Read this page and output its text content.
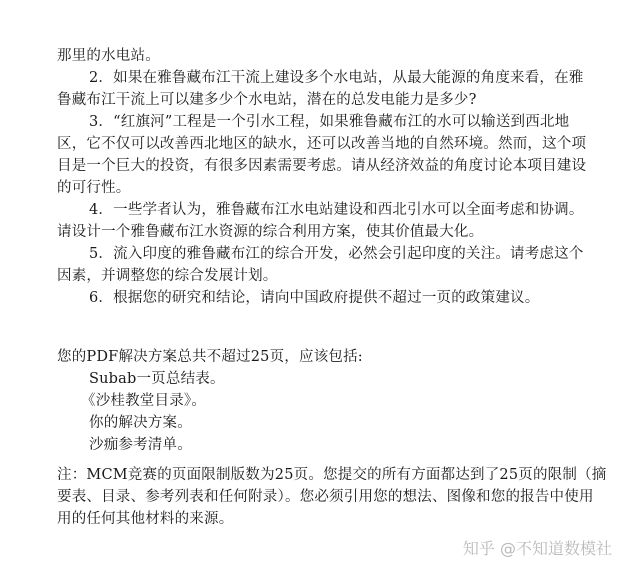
那里的水电站。
2．如果在雅鲁藏布江干流上建设多个水电站，从最大能源的角度来看，在雅
鲁藏布江干流上可以建多少个水电站，潜在的总发电能力是多少?
3．“红旗河”工程是一个引水工程，如果雅鲁藏布江的水可以输送到西北地
区，它不仅可以改善西北地区的缺水，还可以改善当地的自然环境。然而，这个项
目是一个巨大的投资，有很多因素需要考虑。请从经济效益的角度讨论本项目建设
的可行性。
4．一些学者认为，雅鲁藏布江水电站建设和西北引水可以全面考虑和协调。
请设计一个雅鲁藏布江水资源的综合利用方案，使其价值最大化。
5．流入印度的雅鲁藏布江的综合开发，必然会引起印度的关注。请考虑这个
因素，并调整您的综合发展计划。
6．根据您的研究和结论，请向中国政府提供不超过一页的政策建议。
您的PDF解决方案总共不超过25页，应该包括:
Subab一页总结表。
《沙桂教堂目录》。
你的解决方案。
沙痂参考清单。
注：MCM竞赛的页面限制版数为25页。您提交的所有方面都达到了25页的限制（摘
要表、目录、参考列表和任何附录）。您必须引用您的想法、图像和您的报告中使用
用的任何其他材料的来源。
知乎 @不知道数模社
